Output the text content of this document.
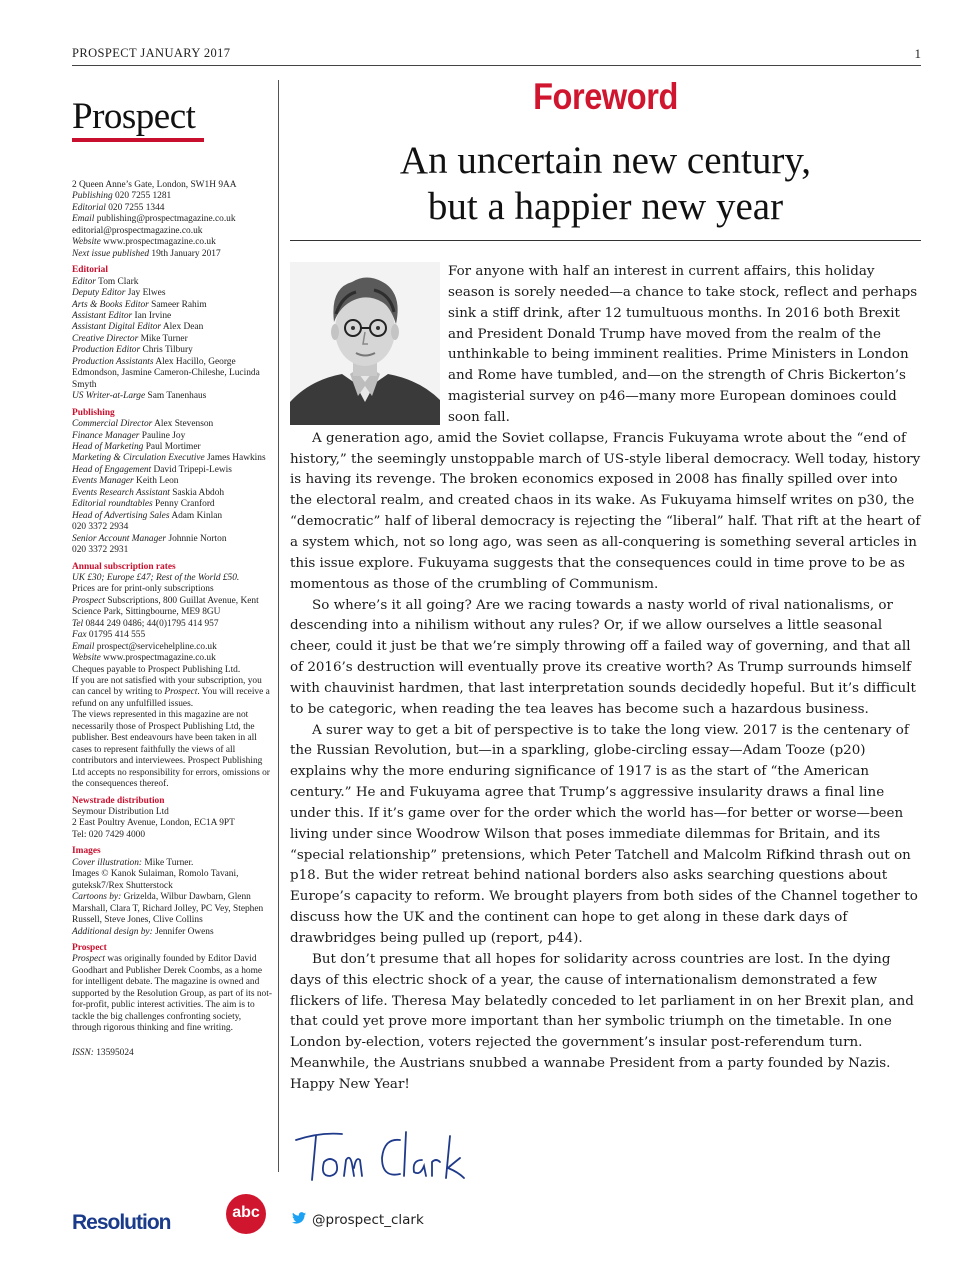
PROSPECT JANUARY 2017	1
Prospect

2 Queen Anne’s Gate, London, SW1H 9AA

Publishing 020 7255 1281

Editorial 020 7255 1344

Email publishing@prospectmagazine.co.uk

editorial@prospectmagazine.co.uk

Website www.prospectmagazine.co.uk

Next issue published 19th January 2017

Editorial

Editor Tom Clark

Deputy Editor Jay Elwes

Arts & Books Editor Sameer Rahim

Assistant Editor Ian Irvine

Assistant Digital Editor Alex Dean

Creative Director Mike Turner

Production Editor Chris Tilbury

Production Assistants Alex Hacillo, George Edmondson, Jasmine Cameron-Chileshe, Lucinda Smyth

US Writer-at-Large Sam Tanenhaus

Publishing

Commercial Director Alex Stevenson

Finance Manager Pauline Joy

Head of Marketing Paul Mortimer

Marketing & Circulation Executive James Hawkins

Head of Engagement David Tripepi-Lewis

Events Manager Keith Leon

Events Research Assistant Saskia Abdoh

Editorial roundtables Penny Cranford

Head of Advertising Sales Adam Kinlan

020 3372 2934

Senior Account Manager Johnnie Norton

020 3372 2931

Annual subscription rates

UK £30; Europe £47; Rest of the World £50.

Prices are for print-only subscriptions

Prospect Subscriptions, 800 Guillat Avenue, Kent Science Park, Sittingbourne, ME9 8GU

Tel 0844 249 0486; 44(0)1795 414 957

Fax 01795 414 555

Email prospect@servicehelpline.co.uk

Website www.prospectmagazine.co.uk

Cheques payable to Prospect Publishing Ltd.

If you are not satisfied with your subscription, you can cancel by writing to Prospect. You will receive a refund on any unfulfilled issues.

The views represented in this magazine are not necessarily those of Prospect Publishing Ltd, the publisher. Best endeavours have been taken in all cases to represent faithfully the views of all contributors and interviewees. Prospect Publishing Ltd accepts no responsibility for errors, omissions or the consequences thereof.

Newstrade distribution

Seymour Distribution Ltd

2 East Poultry Avenue, London, EC1A 9PT

Tel: 020 7429 4000

Images

Cover illustration: Mike Turner.

Images © Kanok Sulaiman, Romolo Tavani, guteksk7/Rex Shutterstock

Cartoons by: Grizelda, Wilbur Dawbarn, Glenn Marshall, Clara T, Richard Jolley, PC Vey, Stephen Russell, Steve Jones, Clive Collins

Additional design by: Jennifer Owens

Prospect

Prospect was originally founded by Editor David Goodhart and Publisher Derek Coombs, as a home for intelligent debate. The magazine is owned and supported by the Resolution Group, as part of its not-for-profit, public interest activities. The aim is to tackle the big challenges confronting society, through rigorous thinking and fine writing.

ISSN: 13595024

Resolution	abc
Foreword
An uncertain new century,
but a happier new year

For anyone with half an interest in current affairs, this holiday season is sorely needed—a chance to take stock, reflect and perhaps sink a stiff drink, after 12 tumultuous months. In 2016 both Brexit and President Donald Trump have moved from the realm of the unthinkable to being imminent realities. Prime Ministers in London and Rome have tumbled, and—on the strength of Chris Bickerton’s magisterial survey on p46—many more European dominoes could soon fall.

A generation ago, amid the Soviet collapse, Francis Fukuyama wrote about the “end of history,” the seemingly unstoppable march of US-style liberal democracy. Well today, history is having its revenge. The broken economics exposed in 2008 has finally spilled over into the electoral realm, and created chaos in its wake. As Fukuyama himself writes on p30, the “democratic” half of liberal democracy is rejecting the “liberal” half. That rift at the heart of a system which, not so long ago, was seen as all-conquering is something several articles in this issue explore. Fukuyama suggests that the consequences could in time prove to be as momentous as those of the crumbling of Communism.

So where’s it all going? Are we racing towards a nasty world of rival nationalisms, or descending into a nihilism without any rules? Or, if we allow ourselves a little seasonal cheer, could it just be that we’re simply throwing off a failed way of governing, and that all of 2016’s destruction will eventually prove its creative worth? As Trump surrounds himself with chauvinist hardmen, that last interpretation sounds decidedly hopeful. But it’s difficult to be categoric, when reading the tea leaves has become such a hazardous business.

A surer way to get a bit of perspective is to take the long view. 2017 is the centenary of the Russian Revolution, but—in a sparkling, globe-circling essay—Adam Tooze (p20) explains why the more enduring significance of 1917 is as the start of “the American century.” He and Fukuyama agree that Trump’s aggressive insularity draws a final line under this. If it’s game over for the order which the world has—for better or worse—been living under since Woodrow Wilson that poses immediate dilemmas for Britain, and its “special relationship” pretensions, which Peter Tatchell and Malcolm Rifkind thrash out on p18. But the wider retreat behind national borders also asks searching questions about Europe’s capacity to reform. We brought players from both sides of the Channel together to discuss how the UK and the continent can hope to get along in these dark days of drawbridges being pulled up (report, p44).

But don’t presume that all hopes for solidarity across countries are lost. In the dying days of this electric shock of a year, the cause of internationalism demonstrated a few flickers of life. Theresa May belatedly conceded to let parliament in on her Brexit plan, and that could yet prove more important than her symbolic triumph on the timetable. In one London by-election, voters rejected the government’s insular post-referendum turn. Meanwhile, the Austrians snubbed a wannabe President from a party founded by Nazis. Happy New Year!

@prospect_clark
